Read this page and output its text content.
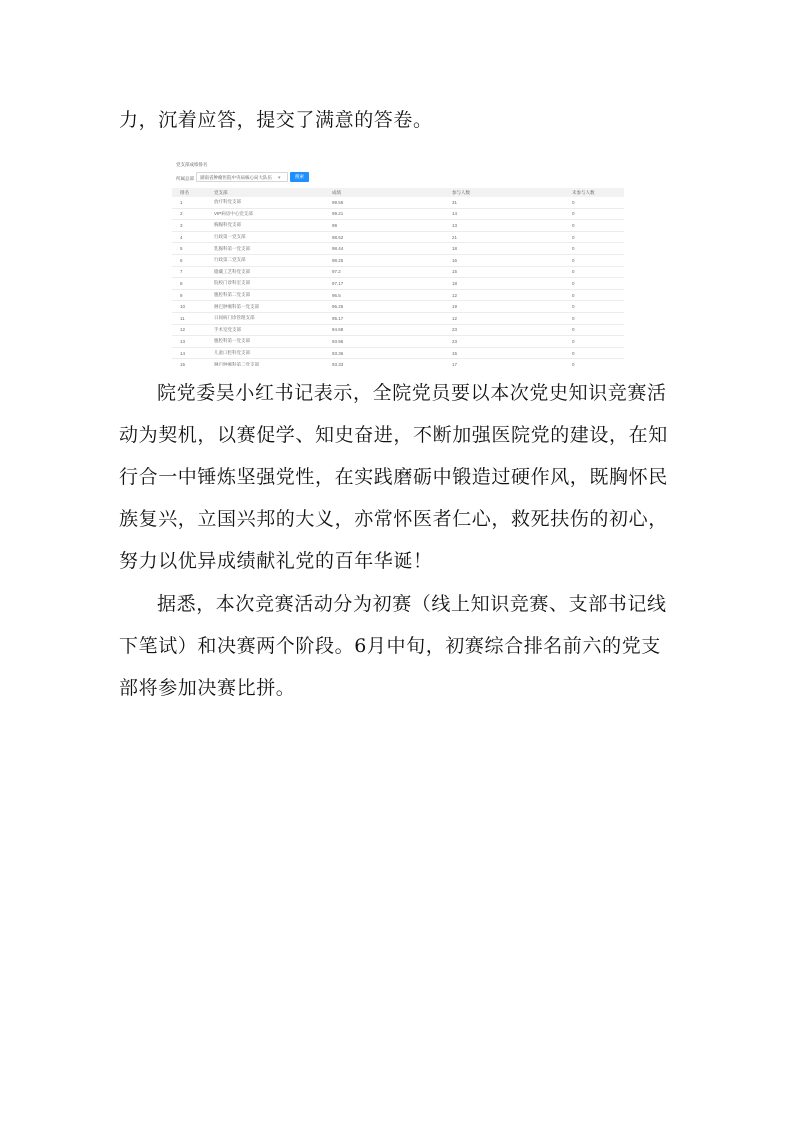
力，沉着应答，提交了满意的答卷。

党支部成绩排名
所属总部	湖南省肿瘤医院中央局核心局大队伍	▾	搜索
排名	党支部	成绩	参与人数	未参与人数
1	放疗科党支部	99.55	31	0
2	VIP病房中心党支部	99.21	14	0
3	胸腺科党支部	99	13	0
4	行政第一党支部	98.52	21	0
5	乳腺科第一党支部	98.44	18	0
6	行政第二党支部	98.25	16	0
7	储藏工艺科党支部	97.2	15	0
8	院校门诊科室支部	97.17	18	0
9	腹腔科第二党支部	96.5	12	0
10	淋巴肿瘤科第一党支部	96.25	19	0
11	日间病门诊管理支部	95.17	12	0
12	手术室党支部	94.68	23	0
13	腹腔科第一党支部	93.96	23	0
14	儿童口腔科党支部	93.36	15	0
15	淋巴肿瘤科第二党支部	93.33	17	0

院党委吴小红书记表示，全院党员要以本次党史知识竞赛活动为契机，以赛促学、知史奋进，不断加强医院党的建设，在知行合一中锤炼坚强党性，在实践磨砺中锻造过硬作风，既胸怀民族复兴，立国兴邦的大义，亦常怀医者仁心，救死扶伤的初心，努力以优异成绩献礼党的百年华诞！

据悉，本次竞赛活动分为初赛（线上知识竞赛、支部书记线下笔试）和决赛两个阶段。6月中旬，初赛综合排名前六的党支部将参加决赛比拼。
